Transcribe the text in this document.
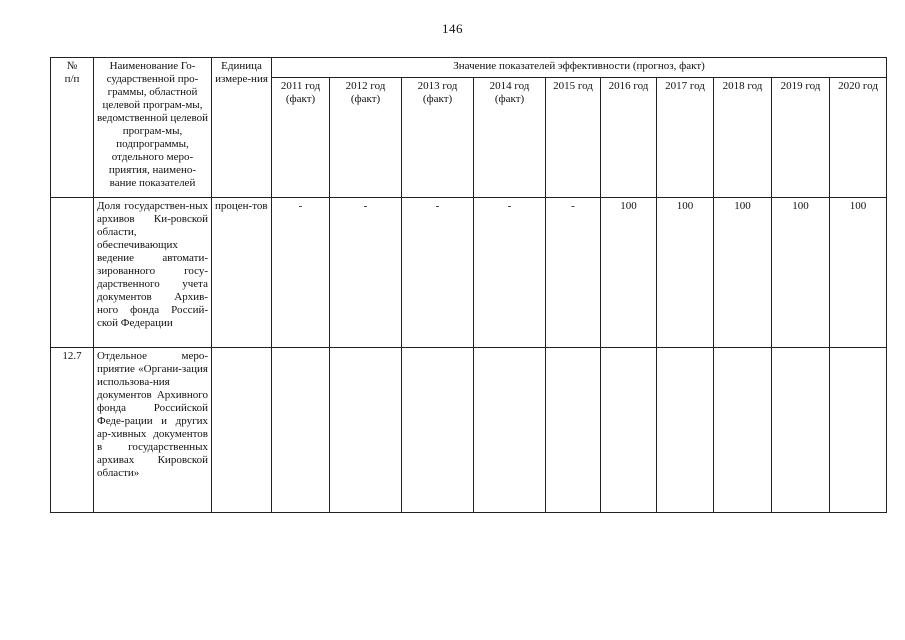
146
№
п/п	Наименование Го-сударственной про-граммы, областной целевой програм-мы, ведомственной целевой програм-мы, подпрограммы, отдельного меро-приятия, наимено-вание показателей	Единица измере-ния	Значение показателей эффективности (прогноз, факт)									
			2011 год (факт)	2012 год (факт)	2013 год (факт)	2014 год (факт)	2015 год	2016 год	2017 год	2018 год	2019 год	2020 год
	Доля государствен-ных архивов Ки-ровской области, обеспечивающих ведение автомати-зированного госу-дарственного учета документов Архив-ного фонда Россий-ской Федерации	процен-тов	-	-	-	-	-	100	100	100	100	100
12.7	Отдельное меро-приятие «Органи-зация использова-ния документов Архивного фонда Российской Феде-рации и других ар-хивных документов в государственных архивах Кировской области»											
